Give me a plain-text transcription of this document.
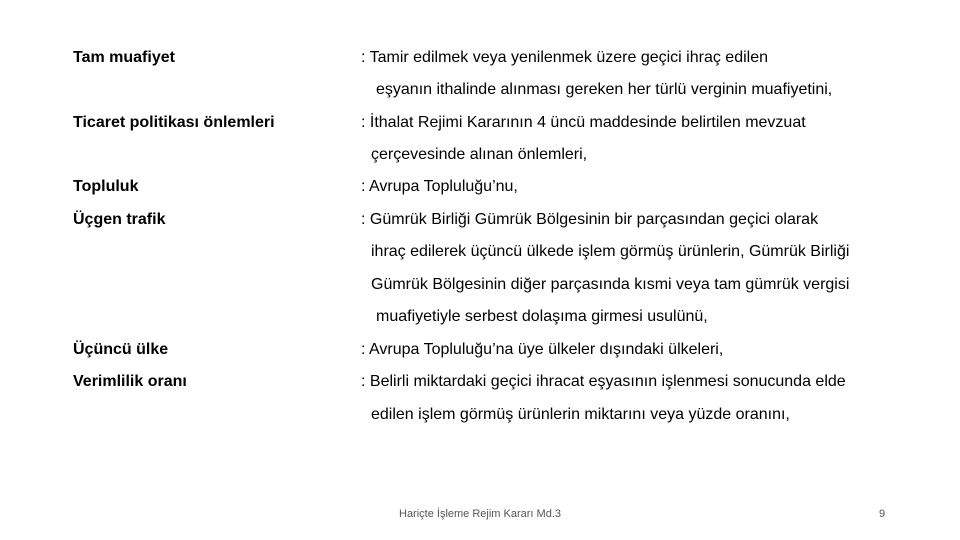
Tam muafiyet	: Tamir edilmek veya yenilenmek üzere geçici ihraç edilen
eşyanın ithalinde alınması gereken her türlü verginin muafiyetini,
Ticaret politikası önlemleri	: İthalat Rejimi Kararının 4 üncü maddesinde belirtilen mevzuat
çerçevesinde alınan önlemleri,
Topluluk	: Avrupa Topluluğu’nu,
Üçgen trafik	: Gümrük Birliği Gümrük Bölgesinin bir parçasından geçici olarak
ihraç edilerek üçüncü ülkede işlem görmüş ürünlerin, Gümrük Birliği
Gümrük Bölgesinin diğer parçasında kısmi veya tam gümrük vergisi
muafiyetiyle serbest dolaşıma girmesi usulünü,
Üçüncü ülke	: Avrupa Topluluğu’na üye ülkeler dışındaki ülkeleri,
Verimlilik oranı	: Belirli miktardaki geçici ihracat eşyasının işlenmesi sonucunda elde
edilen işlem görmüş ürünlerin miktarını veya yüzde oranını,
Hariçte İşleme Rejim Kararı Md.3	9
